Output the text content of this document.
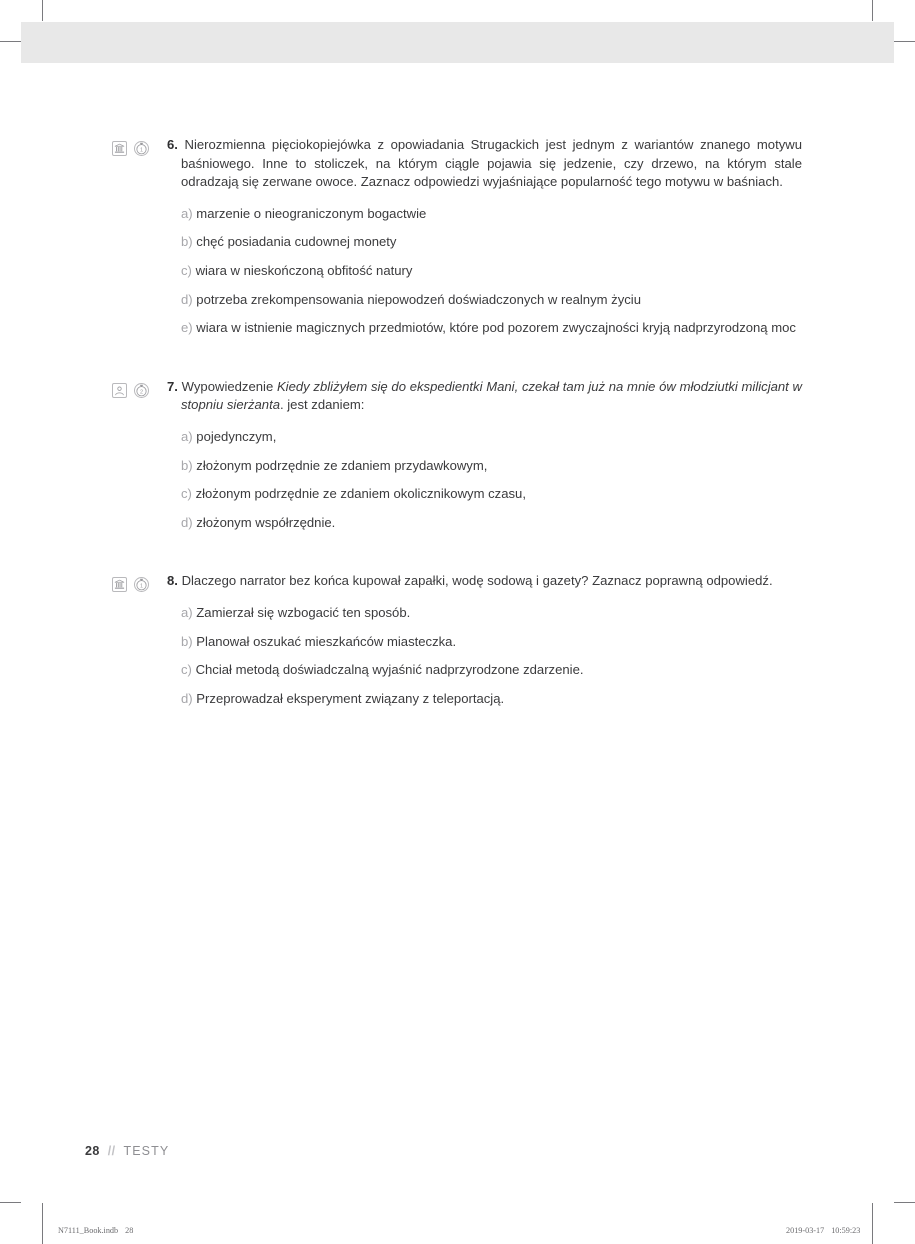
1 6. Nierozmienna pięciokopiejówka z opowiadania Strugackich jest jednym z wariantów znanego motywu baśniowego. Inne to stoliczek, na którym ciągle pojawia się jedzenie, czy drzewo, na którym stale odradzają się zerwane owoce. Zaznacz odpowiedzi wyjaśniające popularność tego motywu w baśniach.

a) marzenie o nieograniczonym bogactwie
b) chęć posiadania cudownej monety
c) wiara w nieskończoną obfitość natury
d) potrzeba zrekompensowania niepowodzeń doświadczonych w realnym życiu
e) wiara w istnienie magicznych przedmiotów, które pod pozorem zwyczajności kryją nadprzyrodzoną moc
2 7. Wypowiedzenie Kiedy zbliżyłem się do ekspedientki Mani, czekał tam już na mnie ów młodziutki milicjant w stopniu sierżanta. jest zdaniem:

a) pojedynczym,
b) złożonym podrzędnie ze zdaniem przydawkowym,
c) złożonym podrzędnie ze zdaniem okolicznikowym czasu,
d) złożonym współrzędnie.
1 8. Dlaczego narrator bez końca kupował zapałki, wodę sodową i gazety? Zaznacz poprawną odpowiedź.

a) Zamierzał się wzbogacić ten sposób.
b) Planował oszukać mieszkańców miasteczka.
c) Chciał metodą doświadczalną wyjaśnić nadprzyrodzone zdarzenie.
d) Przeprowadzał eksperyment związany z teleportacją.
28 // TESTY
N7111_Book.indb 28	2019-03-17 10:59:23
